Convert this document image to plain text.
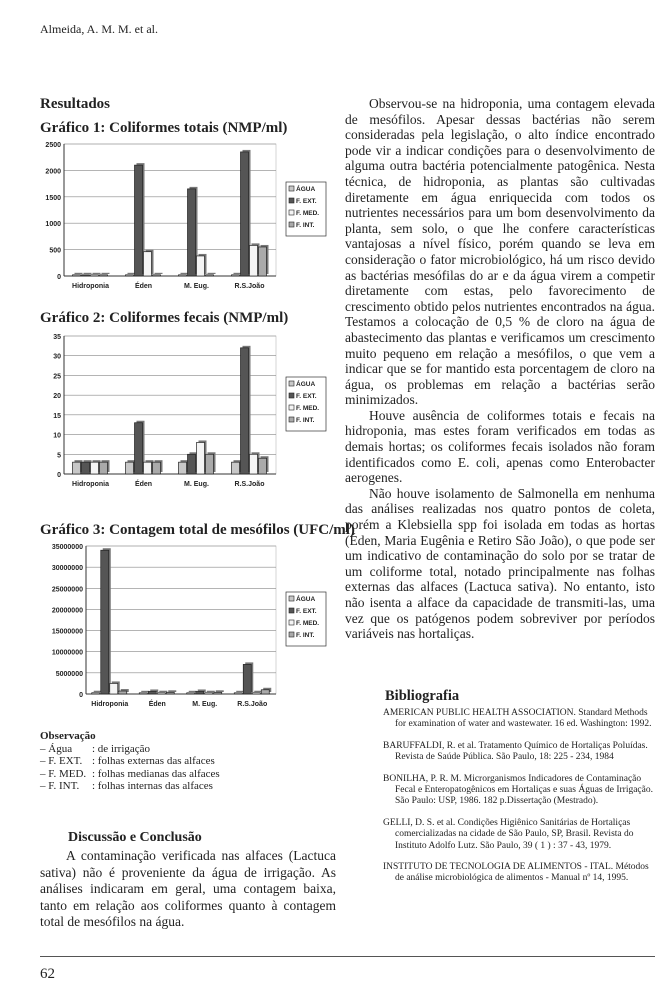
Almeida, A. M. M. et al.
Resultados
Gráfico 1: Coliformes totais (NMP/ml)
0
500
1000
1500
2000
2500
Hidroponia	Éden	M. Eug.	R.S.João
ÁGUA
F. EXT.
F. MED.
F. INT.
Gráfico 2: Coliformes fecais (NMP/ml)
0
5
10
15
20
25
30
35
Hidroponia	Éden	M. Eug.	R.S.João
ÁGUA
F. EXT.
F. MED.
F. INT.
Gráfico 3: Contagem total de mesófilos (UFC/ml)
0
5000000
10000000
15000000
20000000
25000000
30000000
35000000
Hidroponia	Éden	M. Eug.	R.S.João
ÁGUA
F. EXT.
F. MED.
F. INT.
Observação
– Água : de irrigação
– F. EXT. : folhas externas das alfaces
– F. MED. : folhas medianas das alfaces
– F. INT. : folhas internas das alfaces
Discussão e Conclusão

A contaminação verificada nas alfaces (Lactuca sativa) não é proveniente da água de irrigação. As análises indicaram em geral, uma contagem baixa, tanto em relação aos coliformes quanto à contagem total de mesófilos na água.

Observou-se na hidroponia, uma contagem elevada de mesófilos. Apesar dessas bactérias não serem consideradas pela legislação, o alto índice encontrado pode vir a indicar condições para o desenvolvimento de alguma outra bactéria potencialmente patogênica. Nesta técnica, de hidroponia, as plantas são cultivadas diretamente em água enriquecida com todos os nutrientes necessários para um bom desenvolvimento da planta, sem solo, o que lhe confere características vantajosas a nível físico, porém quando se leva em consideração o fator microbiológico, há um risco devido as bactérias mesófilas do ar e da água virem a competir diretamente com estas, pelo favorecimento de crescimento obtido pelos nutrientes encontrados na água. Testamos a colocação de 0,5 % de cloro na água de abastecimento das plantas e verificamos um crescimento muito pequeno em relação a mesófilos, o que vem a indicar que se for mantido esta porcentagem de cloro na água, os problemas em relação a bactérias serão minimizados.

Houve ausência de coliformes totais e fecais na hidroponia, mas estes foram verificados em todas as demais hortas; os coliformes fecais isolados não foram identificados como E. coli, apenas como Enterobacter aerogenes.

Não houve isolamento de Salmonella em nenhuma das análises realizadas nos quatro pontos de coleta, porém a Klebsiella spp foi isolada em todas as hortas (Éden, Maria Eugênia e Retiro São João), o que pode ser um indicativo de contaminação do solo por se tratar de um coliforme total, notado principalmente nas folhas externas das alfaces (Lactuca sativa). No entanto, isto não isenta a alface da capacidade de transmiti-las, uma vez que os patógenos podem sobreviver por períodos variáveis nas hortaliças.

Bibliografia
AMERICAN PUBLIC HEALTH ASSOCIATION. Standard Methods for examination of water and wastewater. 16 ed. Washington: 1992.
BARUFFALDI, R. et al. Tratamento Químico de Hortaliças Poluídas. Revista de Saúde Pública. São Paulo, 18: 225 - 234, 1984
BONILHA, P. R. M. Microrganismos Indicadores de Contaminação Fecal e Enteropatogênicos em Hortaliças e suas Águas de Irrigação. São Paulo: USP, 1986. 182 p.Dissertação (Mestrado).
GELLI, D. S. et al. Condições Higiênico Sanitárias de Hortaliças comercializadas na cidade de São Paulo, SP, Brasil. Revista do Instituto Adolfo Lutz. São Paulo, 39 ( 1 ) : 37 - 43, 1979.
INSTITUTO DE TECNOLOGIA DE ALIMENTOS - ITAL. Métodos de análise microbiológica de alimentos - Manual nº 14, 1995.
62
